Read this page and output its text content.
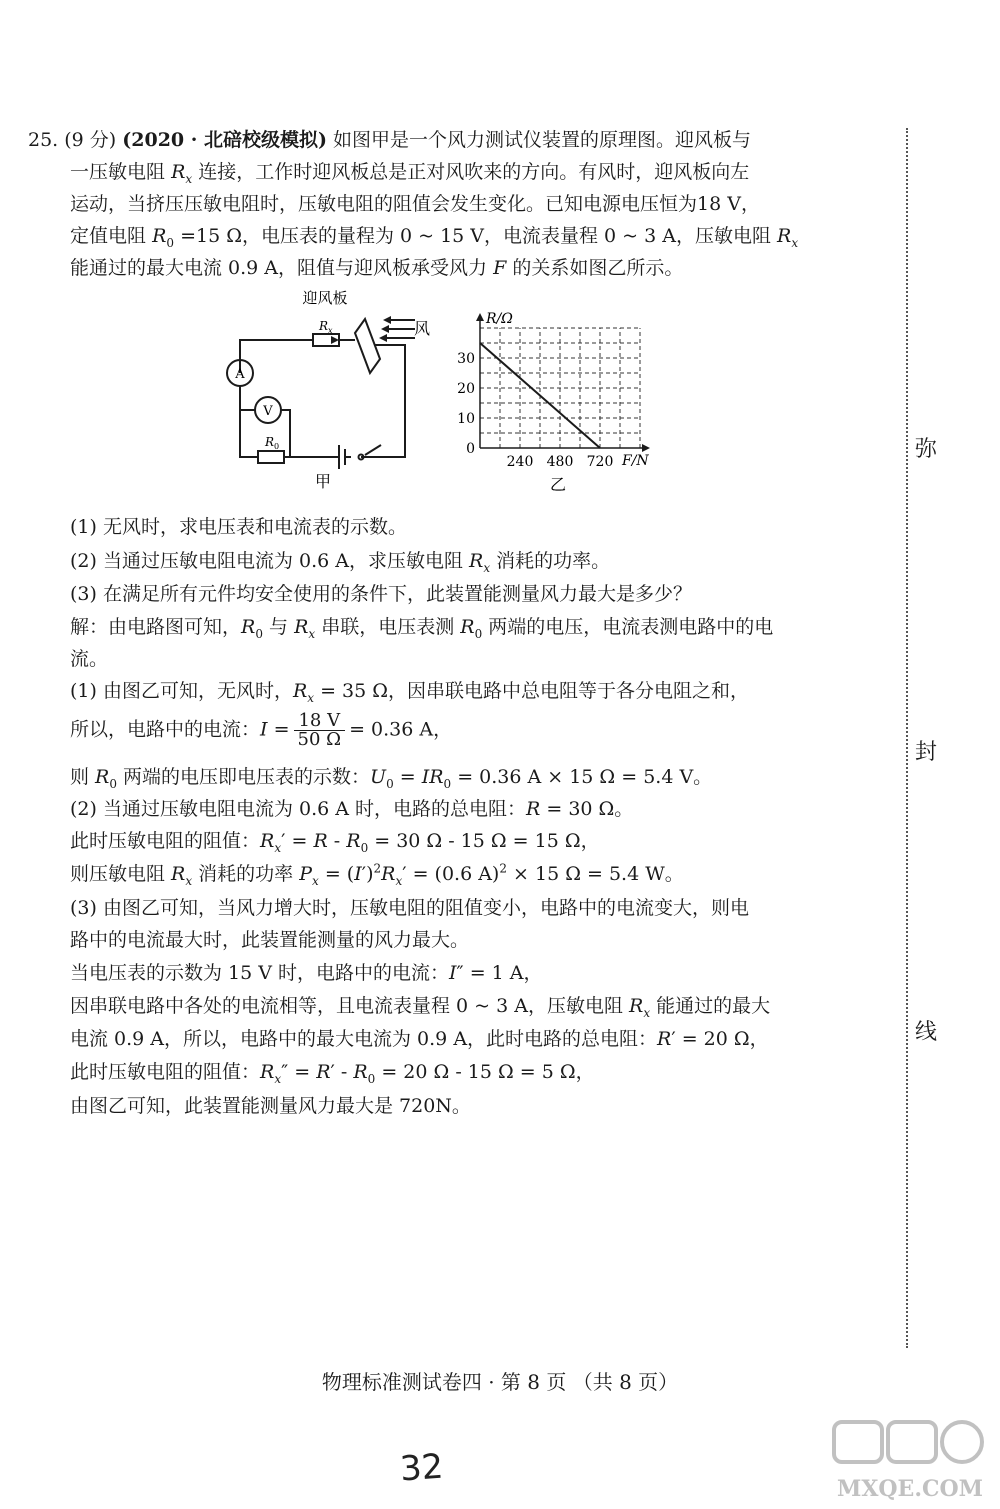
25. (9 分) (2020 · 北碚校级模拟) 如图甲是一个风力测试仪装置的原理图。迎风板与
一压敏电阻 $R_x$ 连接，工作时迎风板总是正对风吹来的方向。有风时，迎风板向左
运动，当挤压压敏电阻时，压敏电阻的阻值会发生变化。已知电源电压恒为18 V，
定值电阻 $R_0 =15$ Ω，电压表的量程为 0 ~ 15 V，电流表量程 0 ~ 3 A，压敏电阻 $R_x$
能通过的最大电流 0.9 A，阻值与迎风板承受风力 F 的关系如图乙所示。
迎风板
风
$R_x$
$R_0$
A
V
甲
0
10
20
30
240 480 720
R/Ω
F/N
乙
(1) 无风时，求电压表和电流表的示数。
(2) 当通过压敏电阻电流为 0.6 A，求压敏电阻 $R_x$ 消耗的功率。
(3) 在满足所有元件均安全使用的条件下，此装置能测量风力最大是多少？
解：由电路图可知，$R_0$ 与 $R_x$ 串联，电压表测 $R_0$ 两端的电压，电流表测电路中的电
流。
(1) 由图乙可知，无风时，$R_x = 35$ Ω，因串联电路中总电阻等于各分电阻之和，
所以，电路中的电流：$I = \frac{18 V}{50 \Omega} = 0.36$ A，
则 $R_0$ 两端的电压即电压表的示数：$U_0 = IR_0 = 0.36$ A × 15 Ω = 5.4 V。
(2) 当通过压敏电阻电流为 0.6 A 时，电路的总电阻：R = 30 Ω。
此时压敏电阻的阻值：$R_x' = R - R_0 = 30$ Ω - 15 Ω = 15 Ω，
则压敏电阻 $R_x$ 消耗的功率 $P_x = (I')^2R_x' = (0.6$ A)$^2$ × 15 Ω = 5.4 W。
(3) 由图乙可知，当风力增大时，压敏电阻的阻值变小，电路中的电流变大，则电
路中的电流最大时，此装置能测量的风力最大。
当电压表的示数为 15 V 时，电路中的电流：I″ = 1 A，
因串联电路中各处的电流相等，且电流表量程 0 ~ 3 A，压敏电阻 $R_x$ 能通过的最大
电流 0.9 A，所以，电路中的最大电流为 0.9 A，此时电路的总电阻：R′ = 20 Ω，
此时压敏电阻的阻值：$R_x'' = R' - R_0 = 20$ Ω - 15 Ω = 5 Ω，
由图乙可知，此装置能测量风力最大是 720N。
弥
封
线
物理标准测试卷四 · 第 8 页 （共 8 页）
32	MXQE.COM
